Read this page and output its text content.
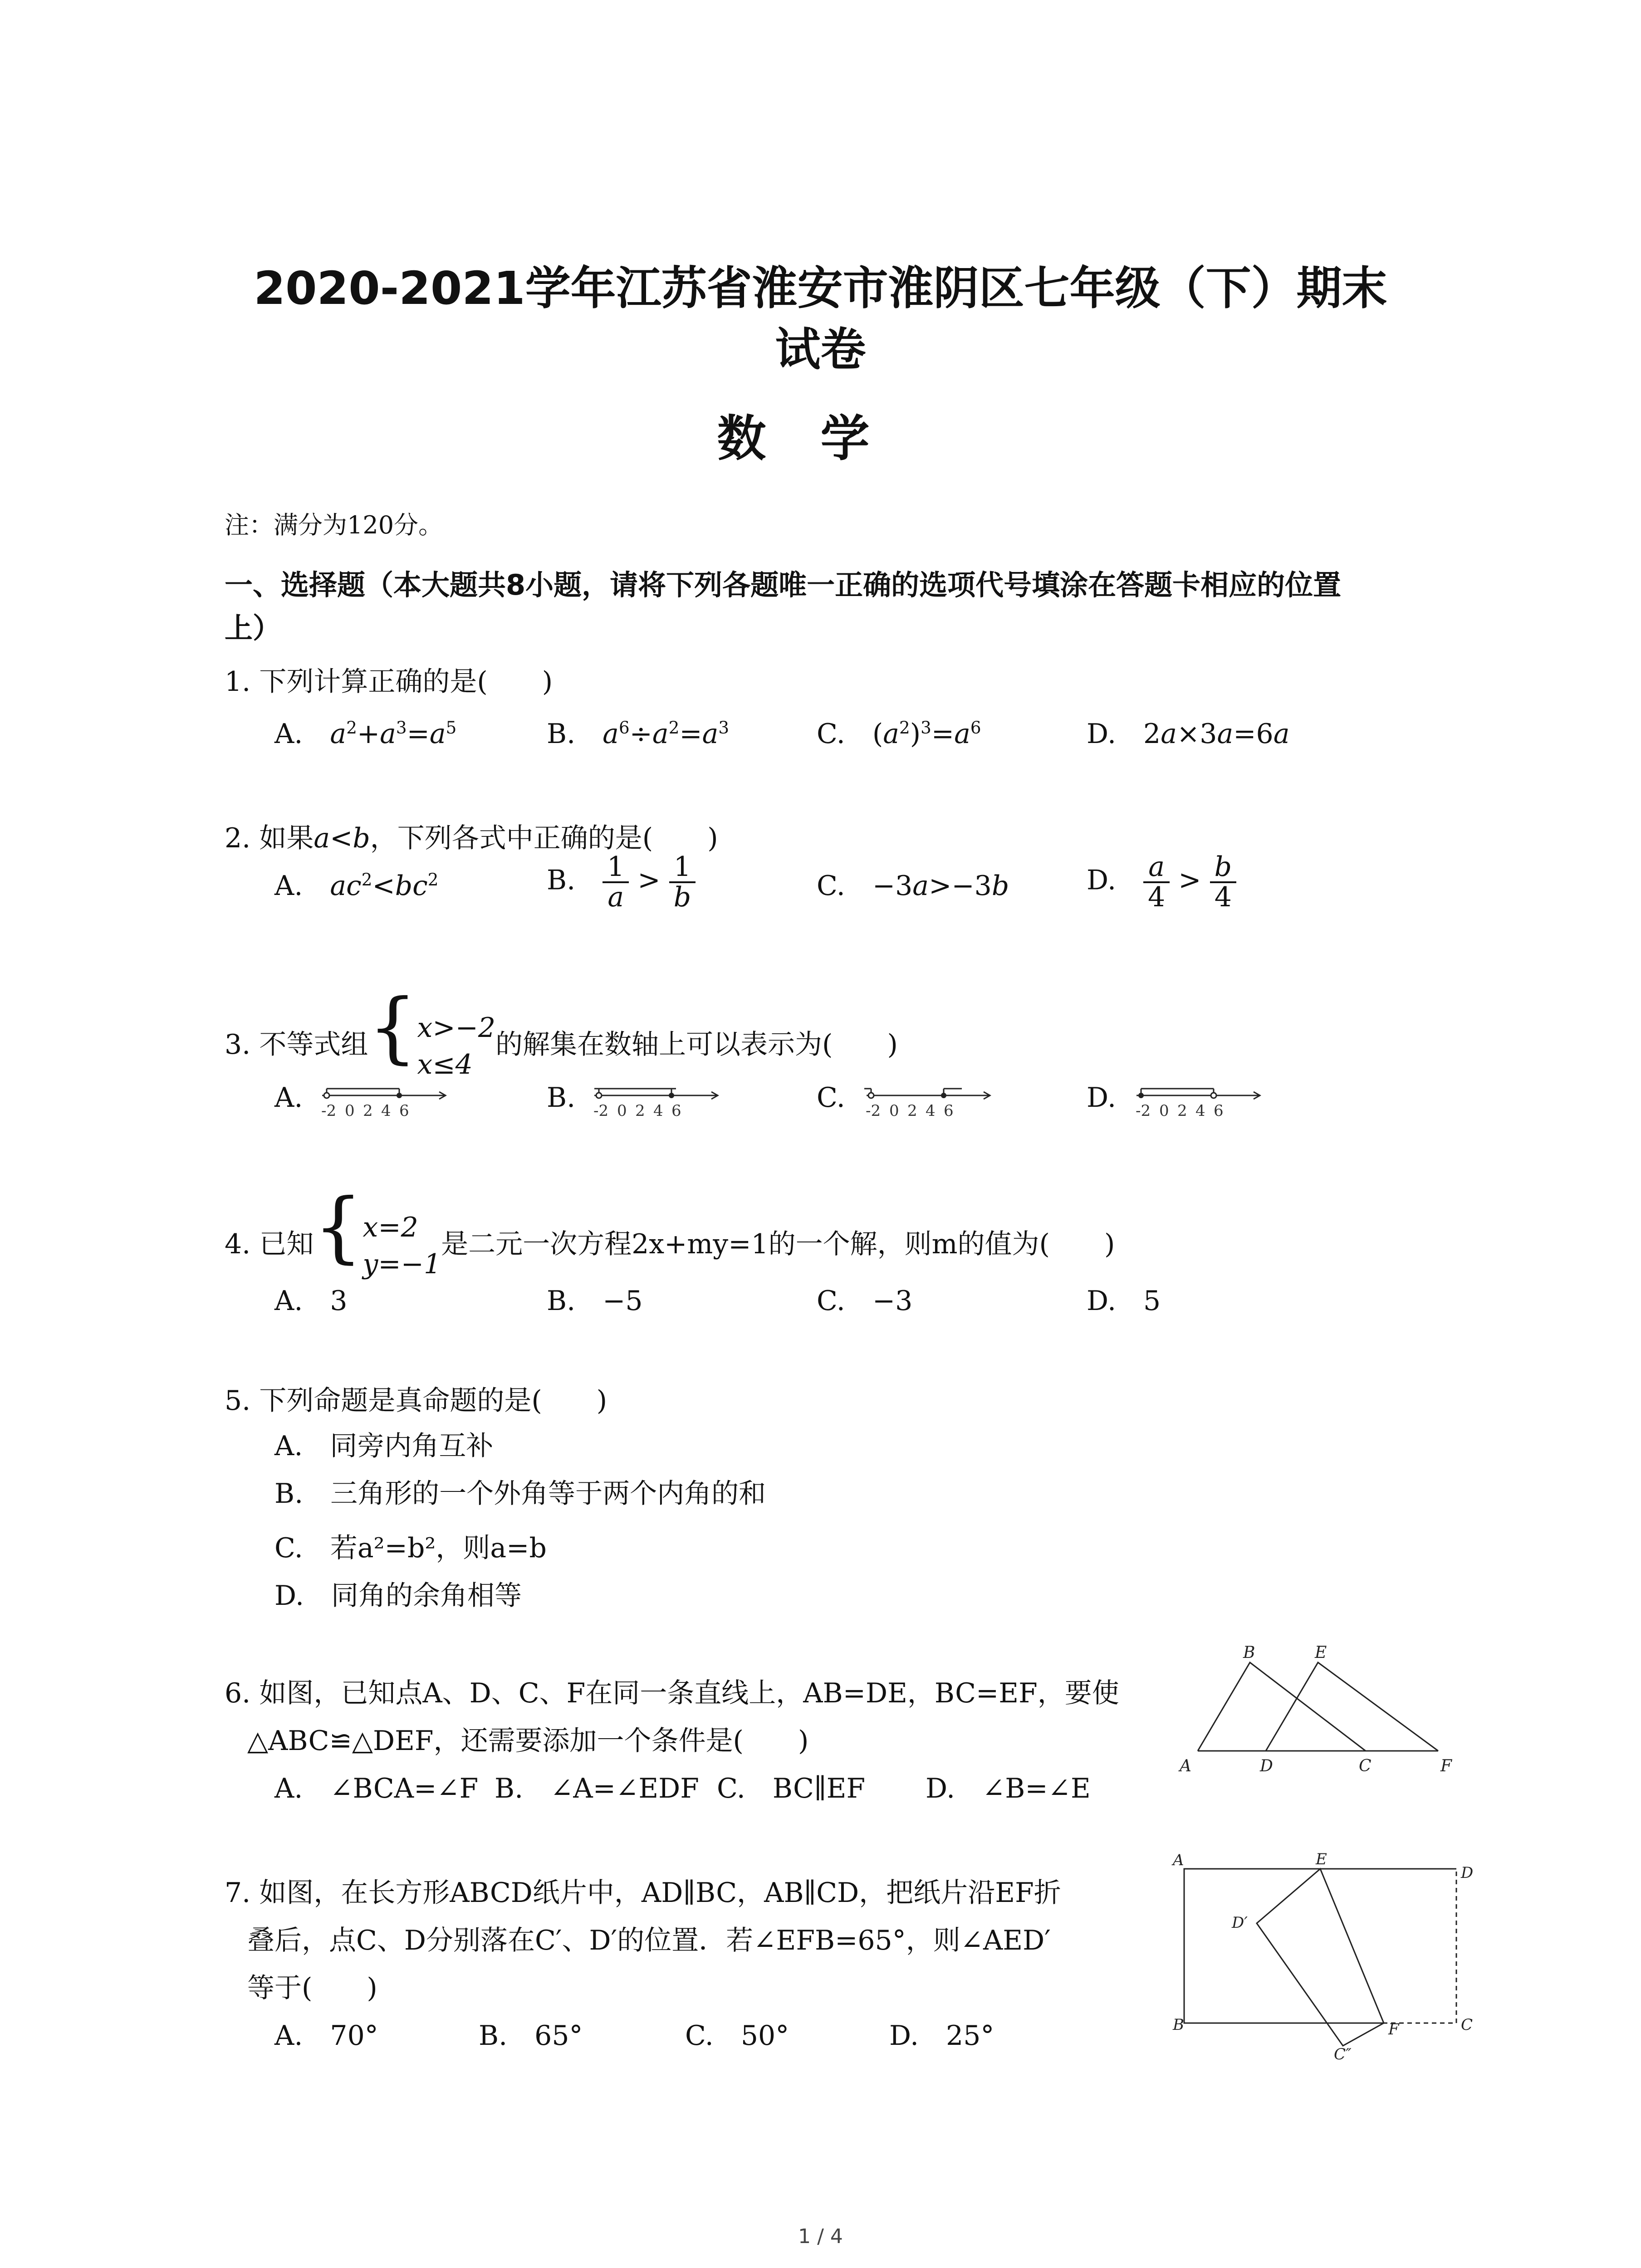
2020-2021学年江苏省淮安市淮阴区七年级（下）期末
试卷
数学
注：满分为120分。
一、选择题（本大题共8小题，请将下列各题唯一正确的选项代号填涂在答题卡相应的位置
上）
1. 下列计算正确的是(　　)
A.　$a^2+a^3=a^5$	B.　$a^6\div a^2=a^3$	C.　$(a^2)^3=a^6$	D.　2a×3a=6a
2. 如果a<b，下列各式中正确的是(　　)
A.　$ac^2<bc^2$	B.　 $\frac{1}{a} > \frac{1}{b}$	C.　−3a>−3b	D.　 $\frac{a}{4} > \frac{b}{4}$
3. 不等式组{x>−2
x≤4的解集在数轴上可以表示为(　　)
A.	B.	C.	D.
-2 0 2 4 6	-2 0 2 4 6	-2 0 2 4 6	-2 0 2 4 6
4. 已知{x=2
y=−1是二元一次方程2x+my=1的一个解，则m的值为(　　)
A.　3	B.　−5	C.　−3	D.　5
5. 下列命题是真命题的是(　　)
A.　同旁内角互补
B.　三角形的一个外角等于两个内角的和
C.　若a²=b²，则a=b
D.　同角的余角相等
6. 如图，已知点A、D、C、F在同一条直线上，AB=DE，BC=EF，要使
△ABC≌△DEF，还需要添加一个条件是(　　)
A.　∠BCA=∠F B.　∠A=∠EDF C.　BC∥EF D.　∠B=∠E
B	E
A	D	C	F
7. 如图，在长方形ABCD纸片中，AD∥BC，AB∥CD，把纸片沿EF折
叠后，点C、D分别落在C′、D′的位置．若∠EFB=65°，则∠AED′
等于(　　)
A.　70°	B.　65°	C.　50°	D.　25°
A	E
D
D′
B	F	C
C″
1 / 4
